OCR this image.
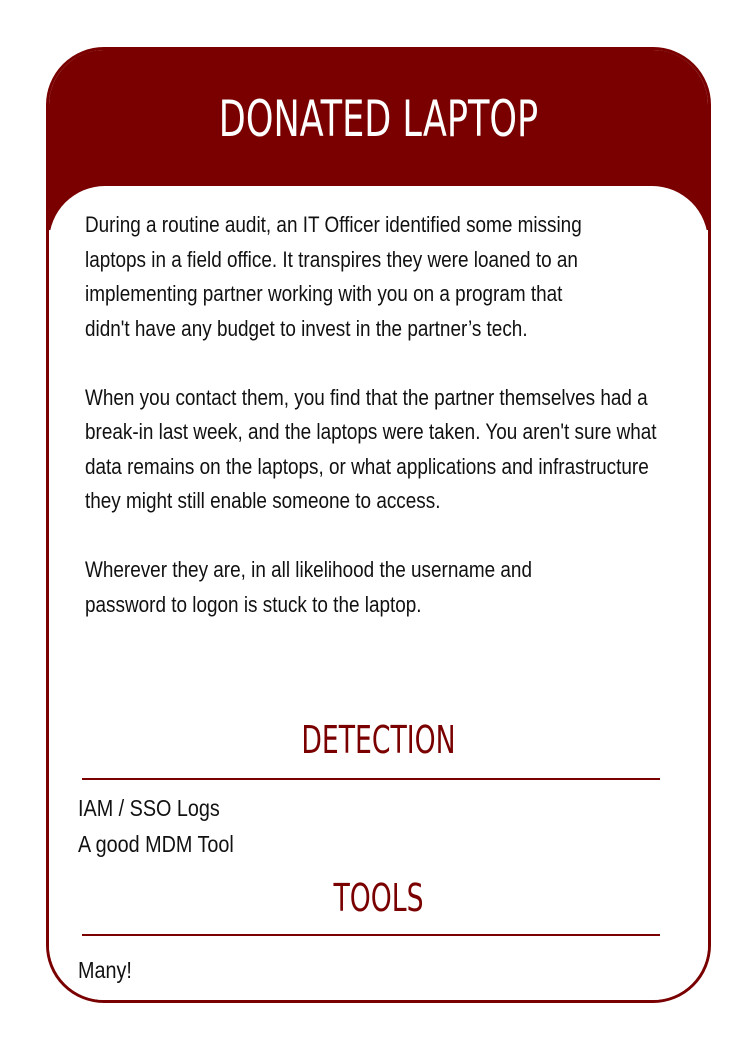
DONATED LAPTOP

During a routine audit, an IT Officer identified some missing laptops in a field office. It transpires they were loaned to an implementing partner working with you on a program that didn't have any budget to invest in the partner’s tech.

When you contact them, you find that the partner themselves had a break-in last week, and the laptops were taken. You aren't sure what data remains on the laptops, or what applications and infrastructure they might still enable someone to access.

Wherever they are, in all likelihood the username and password to logon is stuck to the laptop.

DETECTION
IAM / SSO Logs
A good MDM Tool
TOOLS
Many!
